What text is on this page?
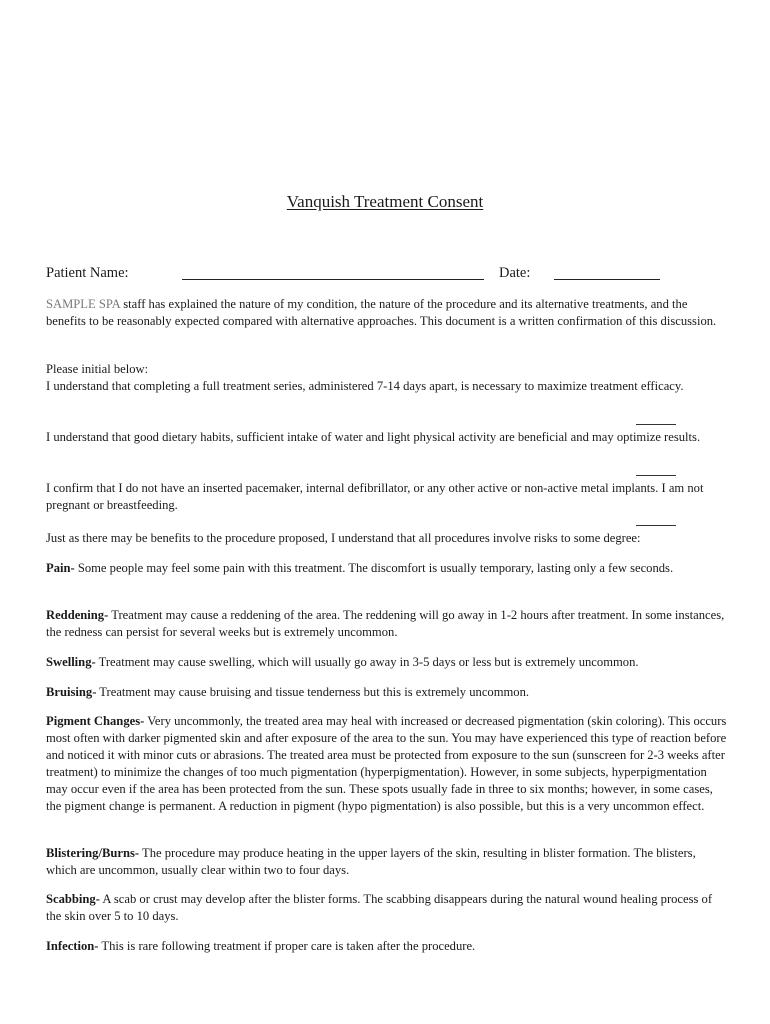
Vanquish Treatment Consent
Patient Name:	Date:
SAMPLE SPA staff has explained the nature of my condition, the nature of the procedure and its alternative treatments, and the benefits to be reasonably expected compared with alternative approaches. This document is a written confirmation of this discussion.
Please initial below:
I understand that completing a full treatment series, administered 7-14 days apart, is necessary to maximize treatment efficacy.
I understand that good dietary habits, sufficient intake of water and light physical activity are beneficial and may optimize results.
I confirm that I do not have an inserted pacemaker, internal defibrillator, or any other active or non-active metal implants. I am not pregnant or breastfeeding.
Just as there may be benefits to the procedure proposed, I understand that all procedures involve risks to some degree:
Pain- Some people may feel some pain with this treatment. The discomfort is usually temporary, lasting only a few seconds.
Reddening- Treatment may cause a reddening of the area. The reddening will go away in 1-2 hours after treatment. In some instances, the redness can persist for several weeks but is extremely uncommon.
Swelling- Treatment may cause swelling, which will usually go away in 3-5 days or less but is extremely uncommon.
Bruising- Treatment may cause bruising and tissue tenderness but this is extremely uncommon.
Pigment Changes- Very uncommonly, the treated area may heal with increased or decreased pigmentation (skin coloring). This occurs most often with darker pigmented skin and after exposure of the area to the sun. You may have experienced this type of reaction before and noticed it with minor cuts or abrasions. The treated area must be protected from exposure to the sun (sunscreen for 2-3 weeks after treatment) to minimize the changes of too much pigmentation (hyperpigmentation). However, in some subjects, hyperpigmentation may occur even if the area has been protected from the sun. These spots usually fade in three to six months; however, in some cases, the pigment change is permanent. A reduction in pigment (hypo pigmentation) is also possible, but this is a very uncommon effect.
Blistering/Burns- The procedure may produce heating in the upper layers of the skin, resulting in blister formation. The blisters, which are uncommon, usually clear within two to four days.
Scabbing- A scab or crust may develop after the blister forms. The scabbing disappears during the natural wound healing process of the skin over 5 to 10 days.
Infection- This is rare following treatment if proper care is taken after the procedure.
